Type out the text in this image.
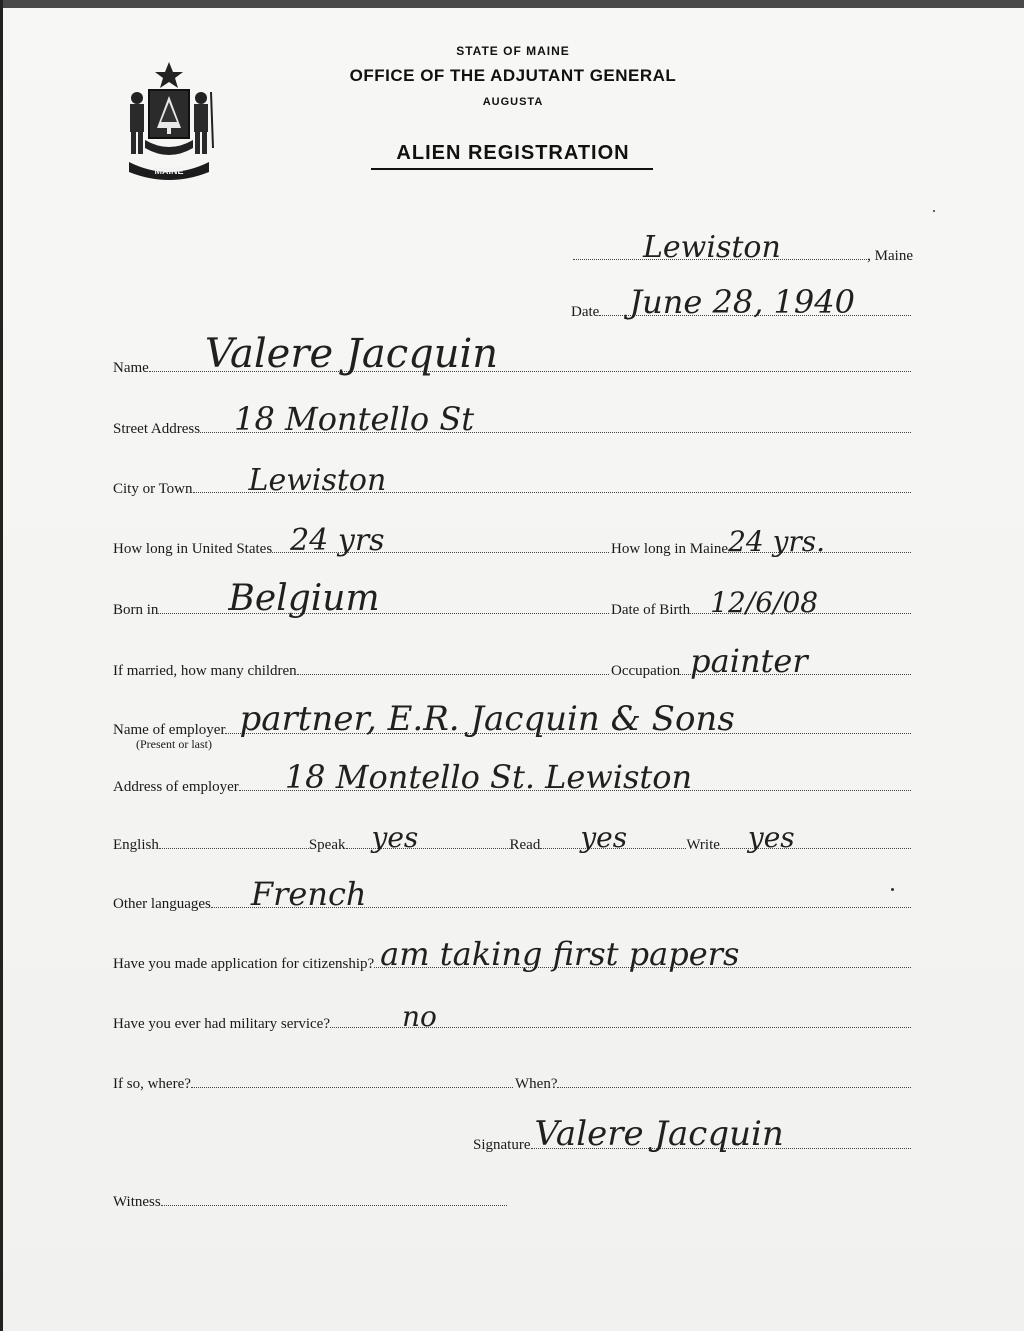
MAINE
STATE OF MAINE
OFFICE OF THE ADJUTANT GENERAL
AUGUSTA
ALIEN REGISTRATION
Lewiston	, Maine
Date June 28, 1940
Name Valere Jacquin
Street Address 18 Montello St
City or Town Lewiston
How long in United States 24 yrs	How long in Maine 24 yrs.
Born in Belgium	Date of Birth 12/6/08
If married, how many children	Occupation painter
Name of employer partner, E.R. Jacquin & Sons
(Present or last)
Address of employer 18 Montello St. Lewiston
English	Speak yes	Read yes	Write yes
Other languages French
Have you made application for citizenship? am taking first papers
Have you ever had military service?	no
If so, where?	When?
Signature Valere Jacquin
Witness
